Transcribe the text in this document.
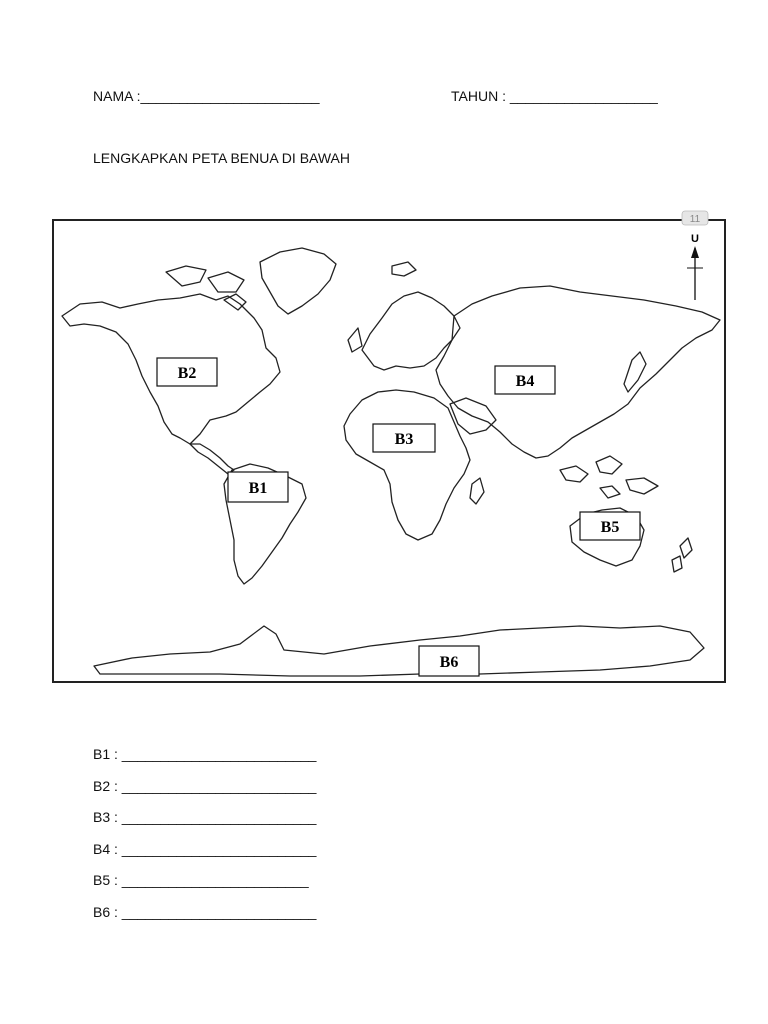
NAMA :_______________________	TAHUN : ___________________
LENGKAPKAN PETA BENUA DI BAWAH
B1
B2
B3
B4
B5
B6
11
U
B1 : _________________________
B2 : _________________________
B3 : _________________________
B4 : _________________________
B5 : ________________________
B6 : _________________________
